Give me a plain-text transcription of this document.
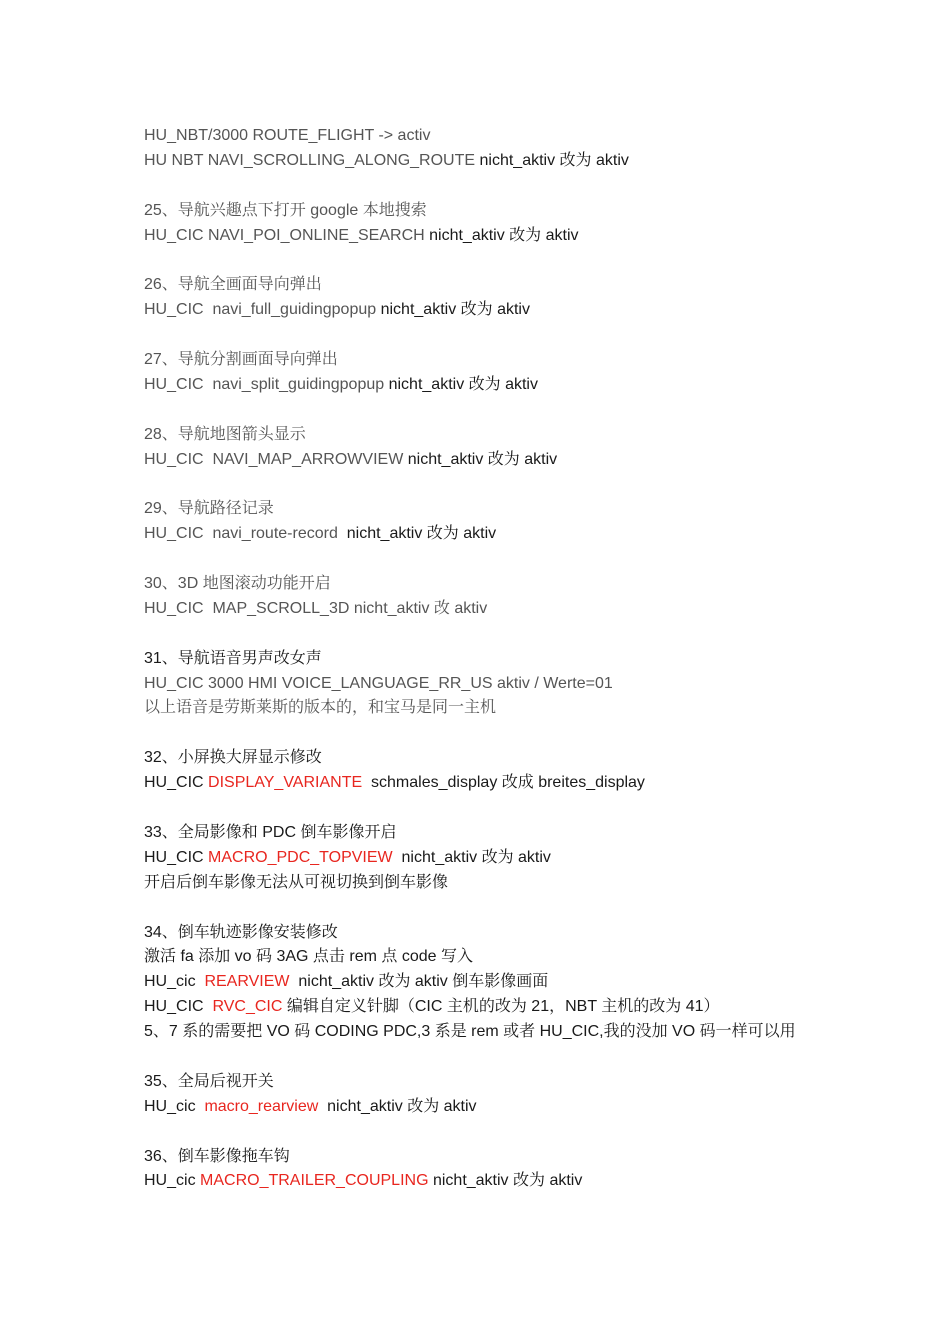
HU_NBT/3000 ROUTE_FLIGHT -> activ
HU NBT NAVI_SCROLLING_ALONG_ROUTE nicht_aktiv 改为 aktiv
25、导航兴趣点下打开 google 本地搜索
HU_CIC NAVI_POI_ONLINE_SEARCH nicht_aktiv 改为 aktiv
26、导航全画面导向弹出
HU_CIC  navi_full_guidingpopup nicht_aktiv 改为 aktiv
27、导航分割画面导向弹出
HU_CIC  navi_split_guidingpopup nicht_aktiv 改为 aktiv
28、导航地图箭头显示
HU_CIC  NAVI_MAP_ARROWVIEW nicht_aktiv 改为 aktiv
29、导航路径记录
HU_CIC  navi_route-record  nicht_aktiv 改为 aktiv
30、3D 地图滚动功能开启
HU_CIC  MAP_SCROLL_3D nicht_aktiv 改 aktiv
31、导航语音男声改女声
HU_CIC 3000 HMI VOICE_LANGUAGE_RR_US aktiv / Werte=01
以上语音是劳斯莱斯的版本的，和宝马是同一主机
32、小屏换大屏显示修改
HU_CIC DISPLAY_VARIANTE  schmales_display 改成 breites_display
33、全局影像和 PDC 倒车影像开启
HU_CIC MACRO_PDC_TOPVIEW  nicht_aktiv 改为 aktiv
开启后倒车影像无法从可视切换到倒车影像
34、倒车轨迹影像安装修改
激活 fa 添加 vo 码 3AG 点击 rem 点 code 写入
HU_cic  REARVIEW  nicht_aktiv 改为 aktiv 倒车影像画面
HU_CIC  RVC_CIC 编辑自定义针脚（CIC 主机的改为 21，NBT 主机的改为 41）
5、7 系的需要把 VO 码 CODING PDC,3 系是 rem 或者 HU_CIC,我的没加 VO 码一样可以用
35、全局后视开关
HU_cic  macro_rearview  nicht_aktiv 改为 aktiv
36、倒车影像拖车钩
HU_cic MACRO_TRAILER_COUPLING nicht_aktiv 改为 aktiv
